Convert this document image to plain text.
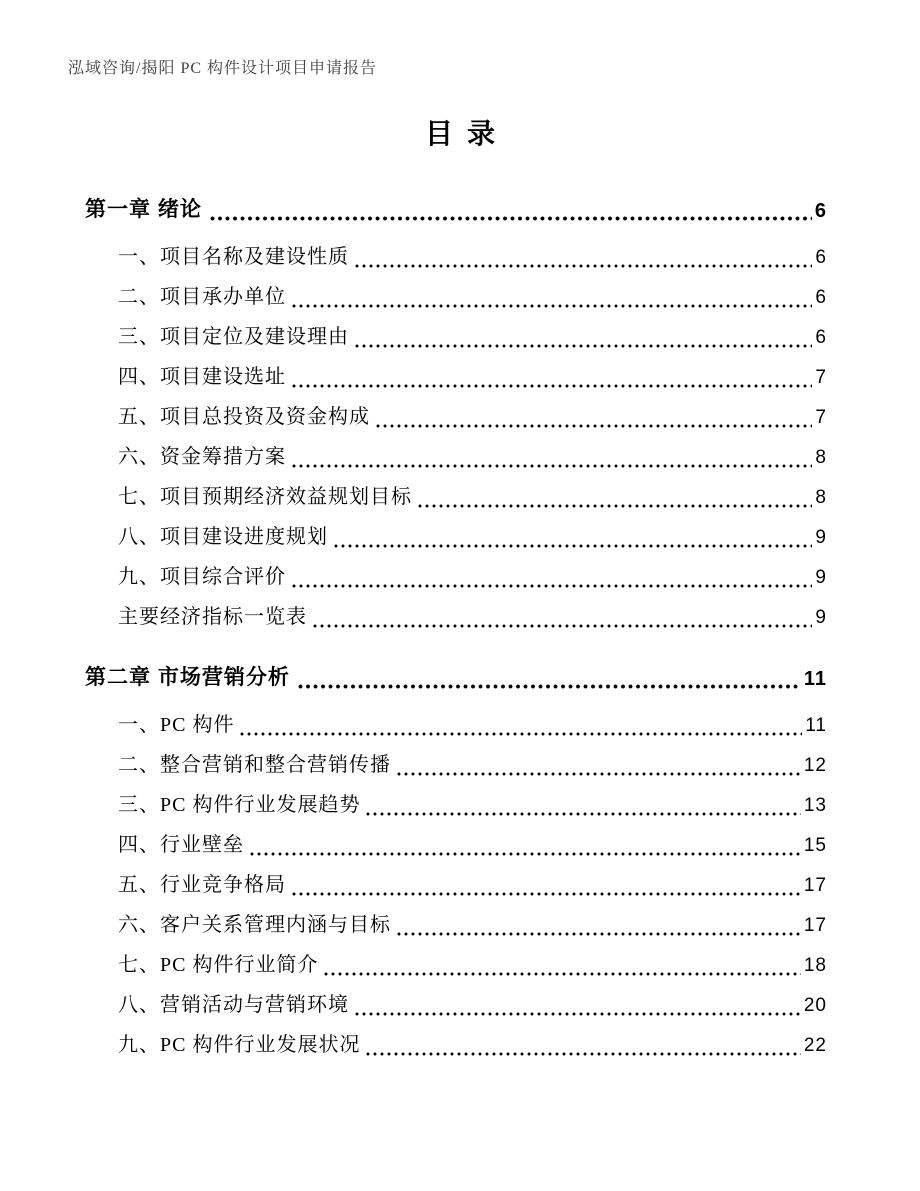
泓域咨询/揭阳 PC 构件设计项目申请报告
目录
第一章 绪论	6
一、项目名称及建设性质	6
二、项目承办单位	6
三、项目定位及建设理由	6
四、项目建设选址	7
五、项目总投资及资金构成	7
六、资金筹措方案	8
七、项目预期经济效益规划目标	8
八、项目建设进度规划	9
九、项目综合评价	9
主要经济指标一览表	9
第二章 市场营销分析	11
一、PC 构件	11
二、整合营销和整合营销传播	12
三、PC 构件行业发展趋势	13
四、行业壁垒	15
五、行业竞争格局	17
六、客户关系管理内涵与目标	17
七、PC 构件行业简介	18
八、营销活动与营销环境	20
九、PC 构件行业发展状况	22
